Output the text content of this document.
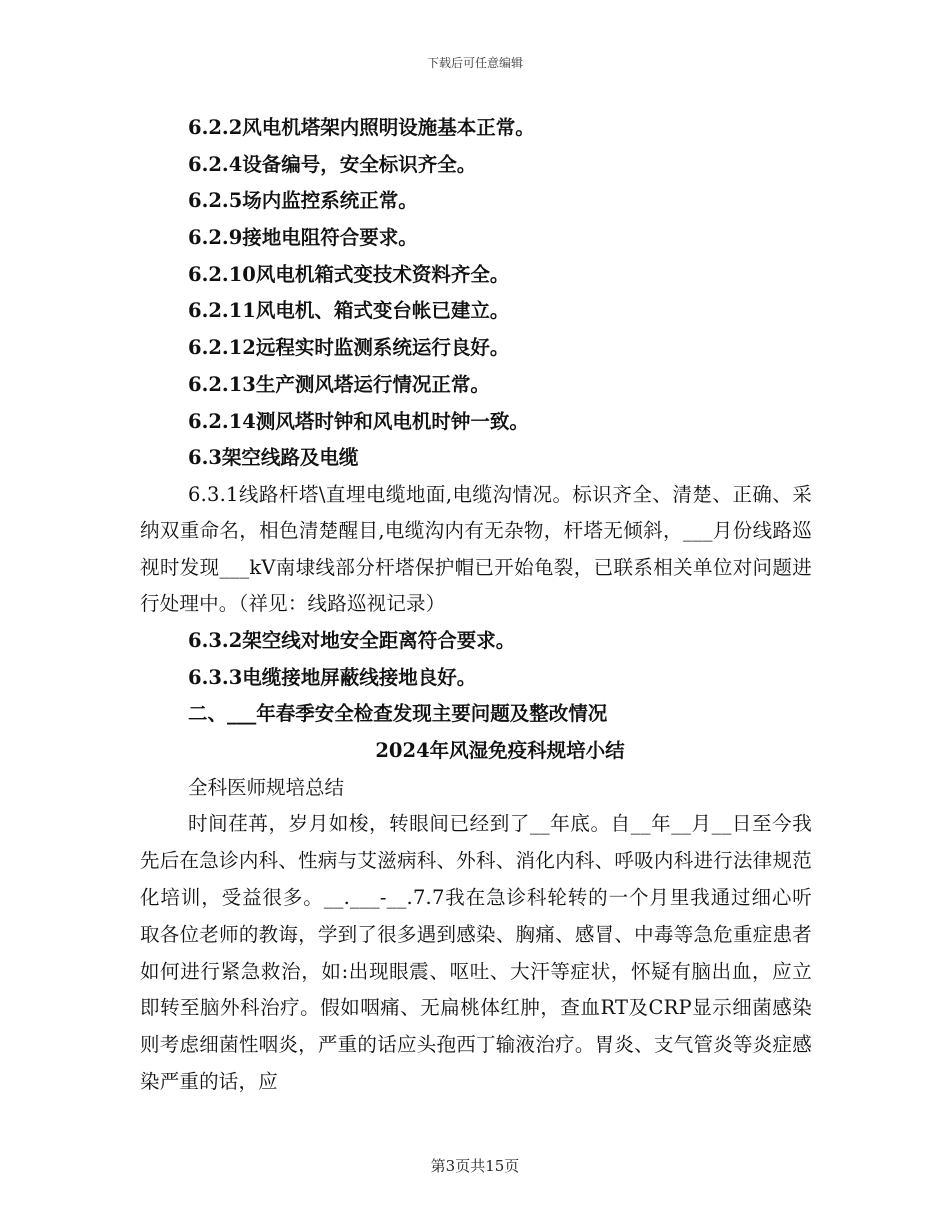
下载后可任意编辑
6.2.2风电机塔架内照明设施基本正常。
6.2.4设备编号，安全标识齐全。
6.2.5场内监控系统正常。
6.2.9接地电阻符合要求。
6.2.10风电机箱式变技术资料齐全。
6.2.11风电机、箱式变台帐已建立。
6.2.12远程实时监测系统运行良好。
6.2.13生产测风塔运行情况正常。
6.2.14测风塔时钟和风电机时钟一致。
6.3架空线路及电缆
6.3.1线路杆塔\直埋电缆地面,电缆沟情况。标识齐全、清楚、正确、采纳双重命名，相色清楚醒目,电缆沟内有无杂物，杆塔无倾斜，___月份线路巡视时发现___kV南埭线部分杆塔保护帽已开始龟裂，已联系相关单位对问题进行处理中。（祥见：线路巡视记录）
6.3.2架空线对地安全距离符合要求。
6.3.3电缆接地屏蔽线接地良好。
二、___年春季安全检查发现主要问题及整改情况
2024年风湿免疫科规培小结
全科医师规培总结
时间荏苒，岁月如梭，转眼间已经到了__年底。自__年__月__日至今我先后在急诊内科、性病与艾滋病科、外科、消化内科、呼吸内科进行法律规范化培训，受益很多。__.___-__.7.7我在急诊科轮转的一个月里我通过细心听取各位老师的教诲，学到了很多遇到感染、胸痛、感冒、中毒等急危重症患者如何进行紧急救治，如:出现眼震、呕吐、大汗等症状，怀疑有脑出血，应立即转至脑外科治疗。假如咽痛、无扁桃体红肿，查血RT及CRP显示细菌感染则考虑细菌性咽炎，严重的话应头孢西丁输液治疗。胃炎、支气管炎等炎症感染严重的话，应
第3页共15页
